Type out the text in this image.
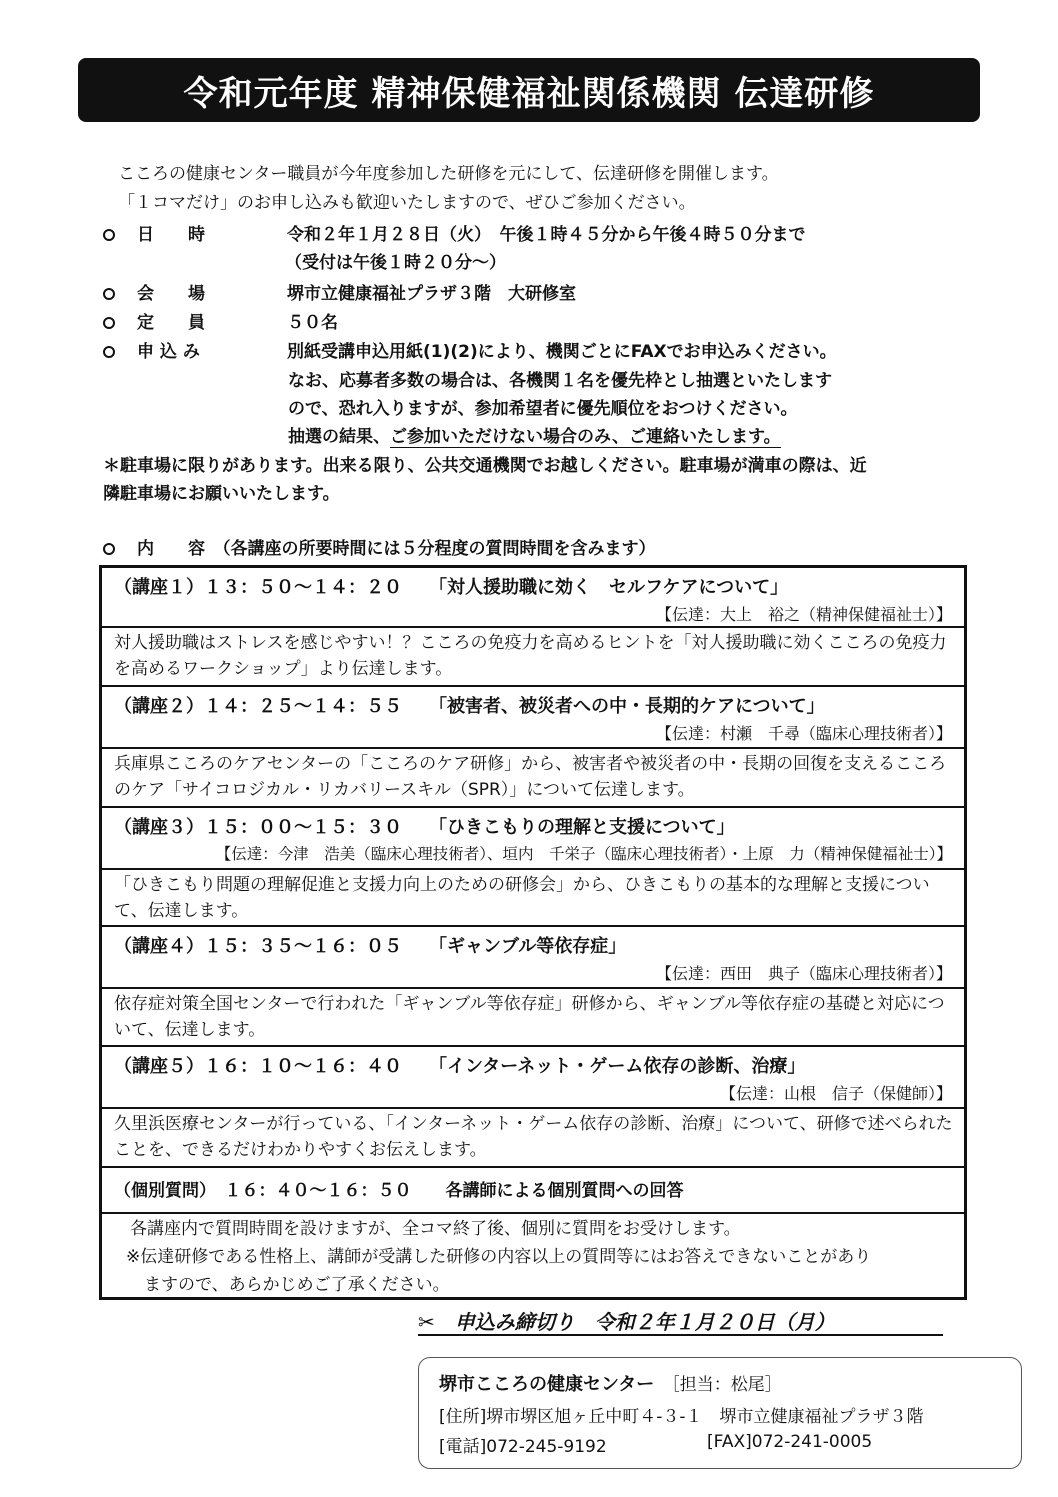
令和元年度 精神保健福祉関係機関 伝達研修
こころの健康センター職員が今年度参加した研修を元にして、伝達研修を開催します。
「１コマだけ」のお申し込みも歓迎いたしますので、ぜひご参加ください。
日　　時	令和２年１月２８日（火）　午後１時４５分から午後４時５０分まで
（受付は午後１時２０分～）
会　　場	堺市立健康福祉プラザ３階　大研修室
定　　員	５０名
申 込 み	別紙受講申込用紙(1)(2)により、機関ごとにFAXでお申込みください。
なお、応募者多数の場合は、各機関１名を優先枠とし抽選といたします
ので、恐れ入りますが、参加希望者に優先順位をおつけください。
抽選の結果、ご参加いただけない場合のみ、ご連絡いたします。
＊駐車場に限りがあります。出来る限り、公共交通機関でお越しください。駐車場が満車の際は、近
隣駐車場にお願いいたします。
内　　容　（各講座の所要時間には５分程度の質問時間を含みます）
（講座１）１３：５０～１４：２０　　「対人援助職に効く　セルフケアについて」
【伝達：大上　裕之（精神保健福祉士）】
対人援助職はストレスを感じやすい！？こころの免疫力を高めるヒントを「対人援助職に効くこころの免疫力を高めるワークショップ」より伝達します。
（講座２）１４：２５～１４：５５　　「被害者、被災者への中・長期的ケアについて」
【伝達：村瀬　千尋（臨床心理技術者）】
兵庫県こころのケアセンターの「こころのケア研修」から、被害者や被災者の中・長期の回復を支えるこころのケア「サイコロジカル・リカバリースキル（SPR）」について伝達します。
（講座３）１５：００～１５：３０　　「ひきこもりの理解と支援について」
【伝達：今津　浩美（臨床心理技術者）、垣内　千栄子（臨床心理技術者）・上原　力（精神保健福祉士）】
「ひきこもり問題の理解促進と支援力向上のための研修会」から、ひきこもりの基本的な理解と支援について、伝達します。
（講座４）１５：３５～１６：０５　　「ギャンブル等依存症」
【伝達：西田　典子（臨床心理技術者）】
依存症対策全国センターで行われた「ギャンブル等依存症」研修から、ギャンブル等依存症の基礎と対応について、伝達します。
（講座５）１６：１０～１６：４０　　「インターネット・ゲーム依存の診断、治療」
【伝達：山根　信子（保健師）】
久里浜医療センターが行っている、「インターネット・ゲーム依存の診断、治療」について、研修で述べられたことを、できるだけわかりやすくお伝えします。
（個別質問）　１６：４０～１６：５０　　各講師による個別質問への回答
各講座内で質問時間を設けますが、全コマ終了後、個別に質問をお受けします。
※伝達研修である性格上、講師が受講した研修の内容以上の質問等にはお答えできないことがあり
ますので、あらかじめご了承ください。
✂　申込み締切り　令和２年１月２０日（月）
堺市こころの健康センター　 ［担当：松尾］
[住所]堺市堺区旭ヶ丘中町４-３-１　堺市立健康福祉プラザ３階
[電話]072-245-9192	[FAX]072-241-0005
